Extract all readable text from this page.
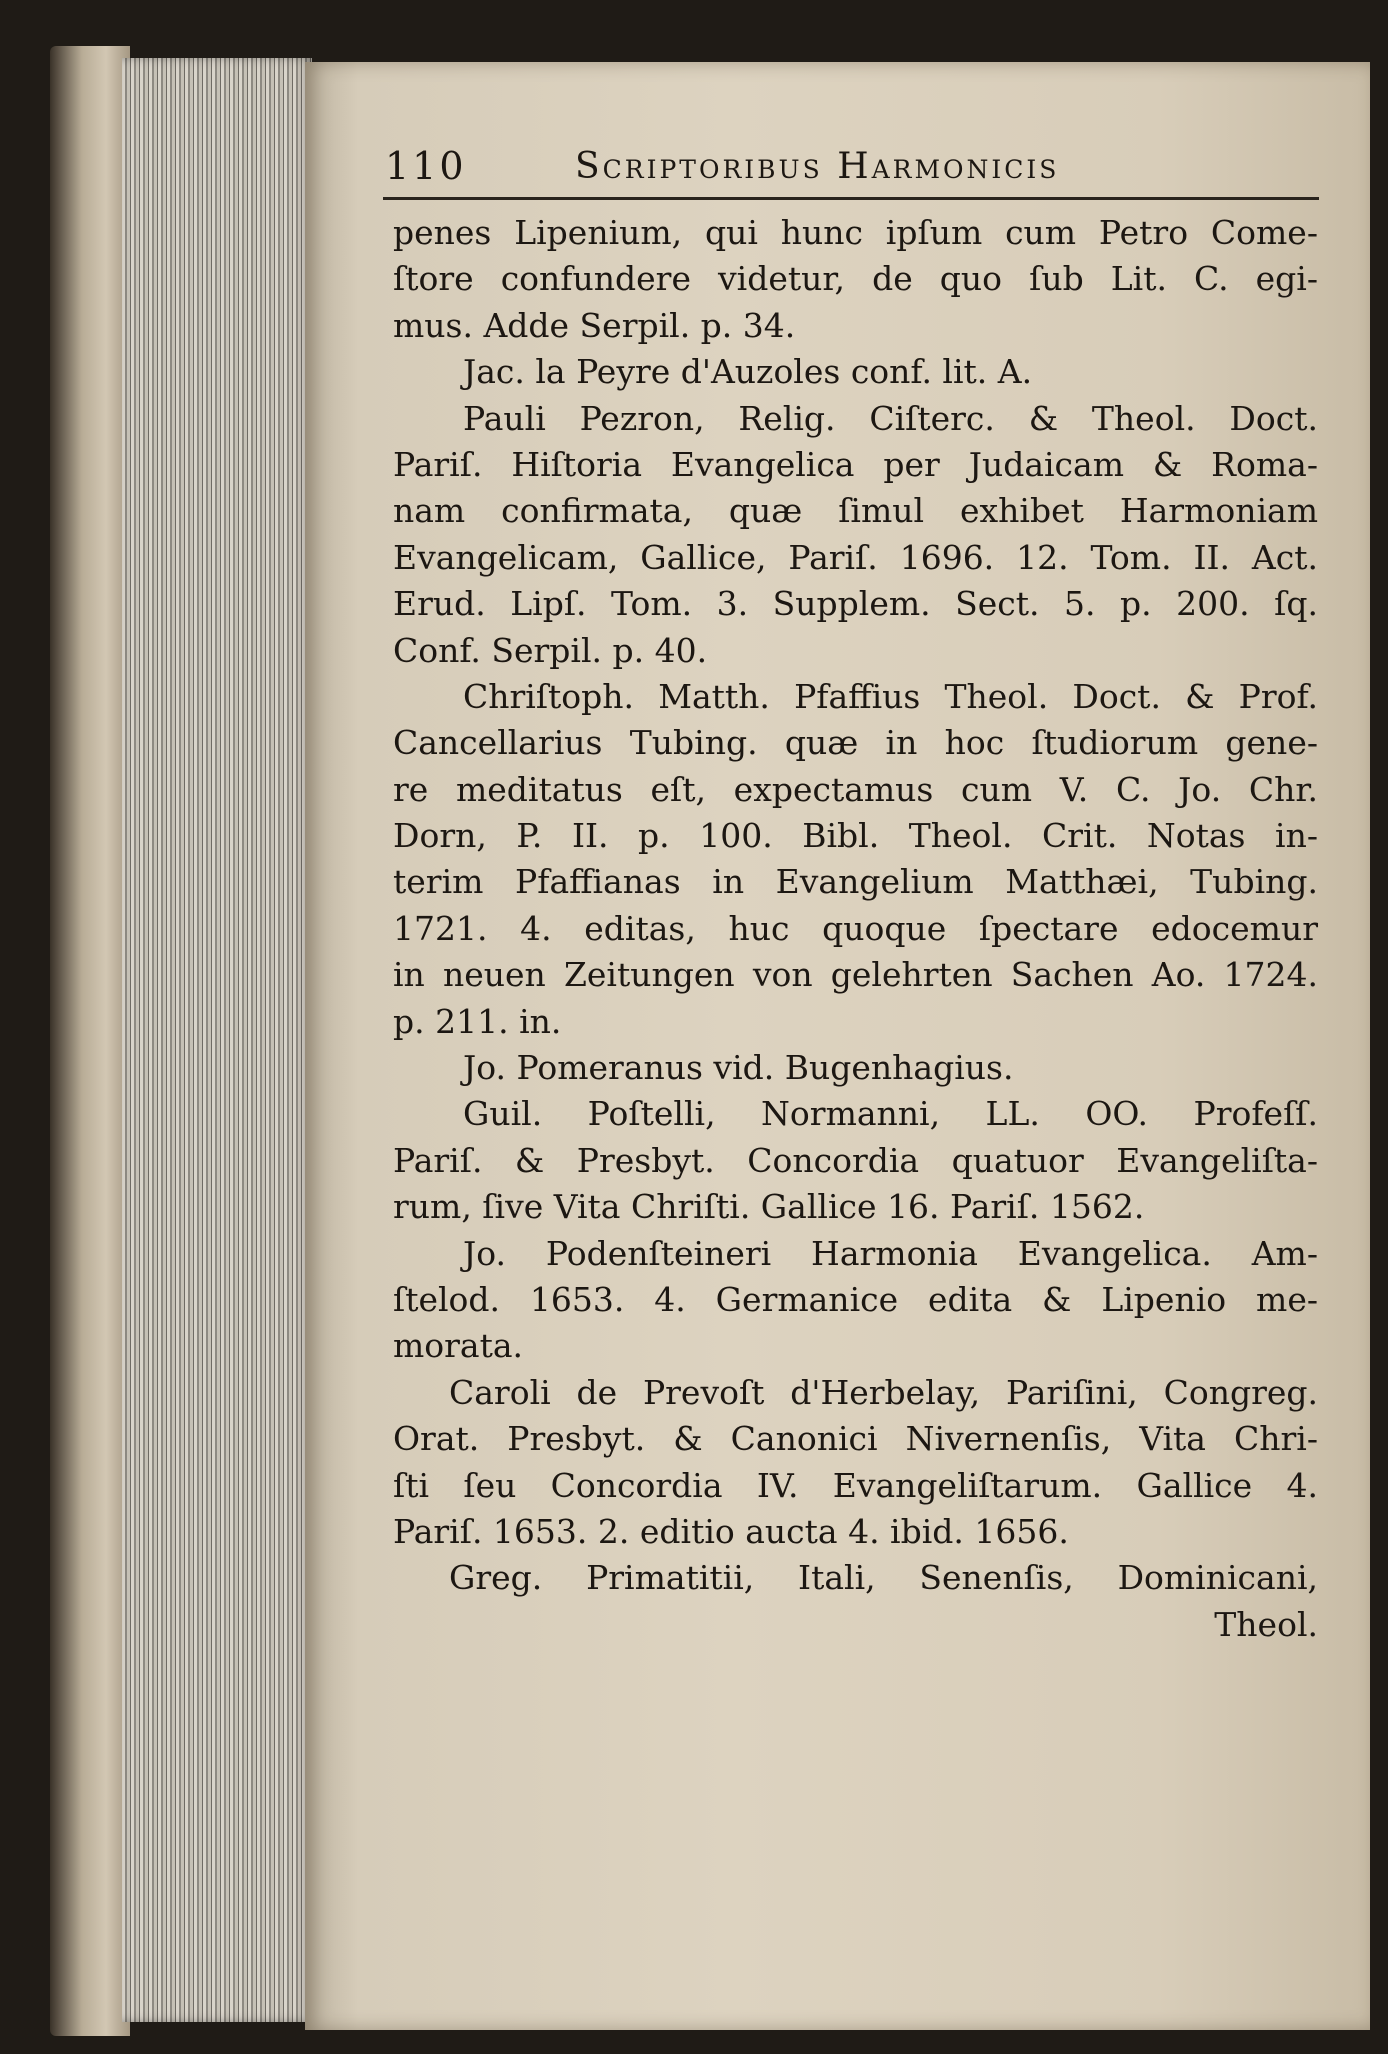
110	Scriptoribus Harmonicis
penes Lipenium, qui hunc ipſum cum Petro Come-
ſtore confundere videtur, de quo ſub Lit. C. egi-
mus. Adde Serpil. p. 34.
Jac. la Peyre d'Auzoles conf. lit. A.
Pauli Pezron, Relig. Ciſterc. & Theol. Doct.
Pariſ. Hiſtoria Evangelica per Judaicam & Roma-
nam confirmata, quæ ſimul exhibet Harmoniam
Evangelicam, Gallice, Pariſ. 1696. 12. Tom. II. Act.
Erud. Lipſ. Tom. 3. Supplem. Sect. 5. p. 200. ſq.
Conf. Serpil. p. 40.
Chriſtoph. Matth. Pfaffius Theol. Doct. & Prof.
Cancellarius Tubing. quæ in hoc ſtudiorum gene-
re meditatus eſt, expectamus cum V. C. Jo. Chr.
Dorn, P. II. p. 100. Bibl. Theol. Crit. Notas in-
terim Pfaffianas in Evangelium Matthæi, Tubing.
1721. 4. editas, huc quoque ſpectare edocemur
in neuen Zeitungen von gelehrten Sachen Ao. 1724.
p. 211. in.
Jo. Pomeranus vid. Bugenhagius.
Guil. Poſtelli, Normanni, LL. OO. Profeſſ.
Pariſ. & Presbyt. Concordia quatuor Evangeliſta-
rum, ſive Vita Chriſti. Gallice 16. Pariſ. 1562.
Jo. Podenſteineri Harmonia Evangelica. Am-
ſtelod. 1653. 4. Germanice edita & Lipenio me-
morata.
Caroli de Prevoſt d'Herbelay, Pariſini, Congreg.
Orat. Presbyt. & Canonici Nivernenſis, Vita Chri-
ſti ſeu Concordia IV. Evangeliſtarum. Gallice 4.
Pariſ. 1653. 2. editio aucta 4. ibid. 1656.
Greg. Primatitii, Itali, Senenſis, Dominicani,
Theol.
